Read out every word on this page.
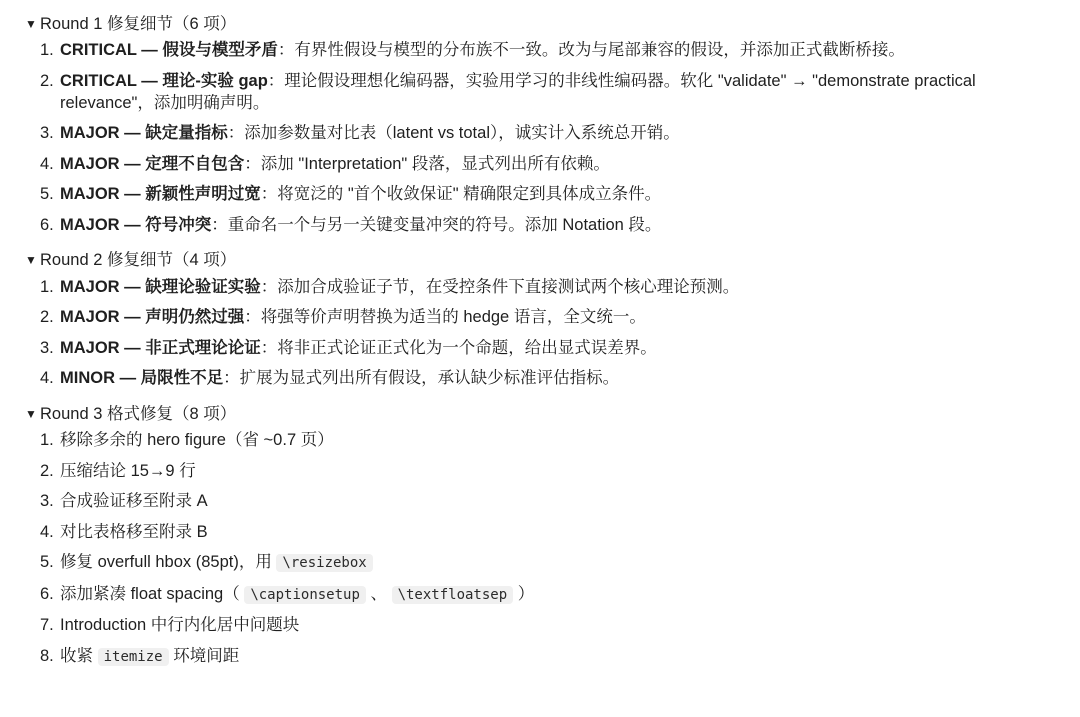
▼ Round 1 修复细节（6 项）
1. CRITICAL — 假设与模型矛盾：有界性假设与模型的分布族不一致。改为与尾部兼容的假设，并添加正式截断桥接。
2. CRITICAL — 理论-实验 gap：理论假设理想化编码器，实验用学习的非线性编码器。软化 "validate" → "demonstrate practical relevance"，添加明确声明。
3. MAJOR — 缺定量指标：添加参数量对比表（latent vs total），诚实计入系统总开销。
4. MAJOR — 定理不自包含：添加 "Interpretation" 段落，显式列出所有依赖。
5. MAJOR — 新颖性声明过宽：将宽泛的 "首个收敛保证" 精确限定到具体成立条件。
6. MAJOR — 符号冲突：重命名一个与另一关键变量冲突的符号。添加 Notation 段。
▼ Round 2 修复细节（4 项）
1. MAJOR — 缺理论验证实验：添加合成验证子节，在受控条件下直接测试两个核心理论预测。
2. MAJOR — 声明仍然过强：将强等价声明替换为适当的 hedge 语言，全文统一。
3. MAJOR — 非正式理论论证：将非正式论证正式化为一个命题，给出显式误差界。
4. MINOR — 局限性不足：扩展为显式列出所有假设，承认缺少标准评估指标。
▼ Round 3 格式修复（8 项）
1. 移除多余的 hero figure（省 ~0.7 页）
2. 压缩结论 15→9 行
3. 合成验证移至附录 A
4. 对比表格移至附录 B
5. 修复 overfull hbox (85pt)，用 \resizebox
6. 添加紧凑 float spacing（ \captionsetup 、 \textfloatsep ）
7. Introduction 中行内化居中问题块
8. 收紧 itemize 环境间距
